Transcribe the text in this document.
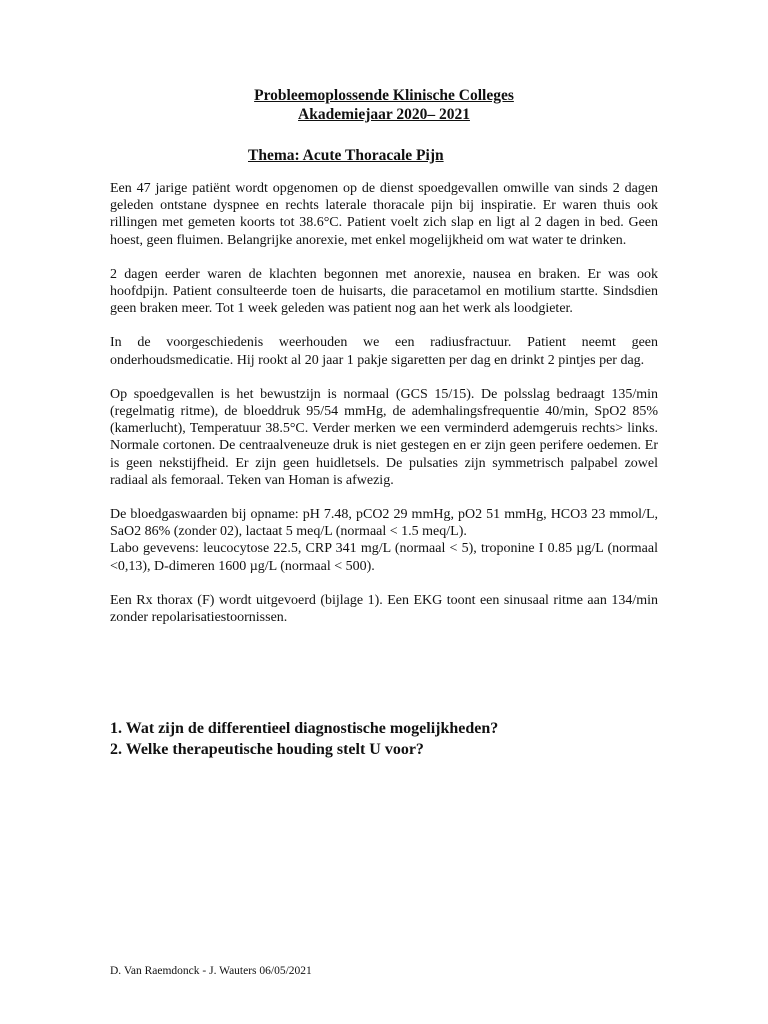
Probleemoplossende Klinische Colleges
Akademiejaar 2020– 2021
Thema: Acute Thoracale Pijn

Een 47 jarige patiënt wordt opgenomen op de dienst spoedgevallen omwille van sinds 2 dagen geleden ontstane dyspnee en rechts laterale thoracale pijn bij inspiratie. Er waren thuis ook rillingen met gemeten koorts tot 38.6°C. Patient voelt zich slap en ligt al 2 dagen in bed. Geen hoest, geen fluimen. Belangrijke anorexie, met enkel mogelijkheid om wat water te drinken.

2 dagen eerder waren de klachten begonnen met anorexie, nausea en braken. Er was ook hoofdpijn. Patient consulteerde toen de huisarts, die paracetamol en motilium startte. Sindsdien geen braken meer. Tot 1 week geleden was patient nog aan het werk als loodgieter.

In de voorgeschiedenis weerhouden we een radiusfractuur. Patient neemt geen onderhoudsmedicatie. Hij rookt al 20 jaar 1 pakje sigaretten per dag en drinkt 2 pintjes per dag.

Op spoedgevallen is het bewustzijn is normaal (GCS 15/15). De polsslag bedraagt 135/min (regelmatig ritme), de bloeddruk 95/54 mmHg, de ademhalingsfrequentie 40/min, SpO2 85% (kamerlucht), Temperatuur 38.5°C. Verder merken we een verminderd ademgeruis rechts> links. Normale cortonen. De centraalveneuze druk is niet gestegen en er zijn geen perifere oedemen. Er is geen nekstijfheid. Er zijn geen huidletsels. De pulsaties zijn symmetrisch palpabel zowel radiaal als femoraal. Teken van Homan is afwezig.

De bloedgaswaarden bij opname: pH 7.48, pCO2 29 mmHg, pO2 51 mmHg, HCO3 23 mmol/L, SaO2 86% (zonder 02), lactaat 5 meq/L (normaal < 1.5 meq/L).

Labo gevevens: leucocytose 22.5, CRP 341 mg/L (normaal < 5), troponine I 0.85 µg/L (normaal <0,13), D-dimeren 1600 µg/L (normaal < 500).

Een Rx thorax (F) wordt uitgevoerd (bijlage 1). Een EKG toont een sinusaal ritme aan 134/min zonder repolarisatiestoornissen.

1. Wat zijn de differentieel diagnostische mogelijkheden?
2. Welke therapeutische houding stelt U voor?
D. Van Raemdonck - J. Wauters 06/05/2021
